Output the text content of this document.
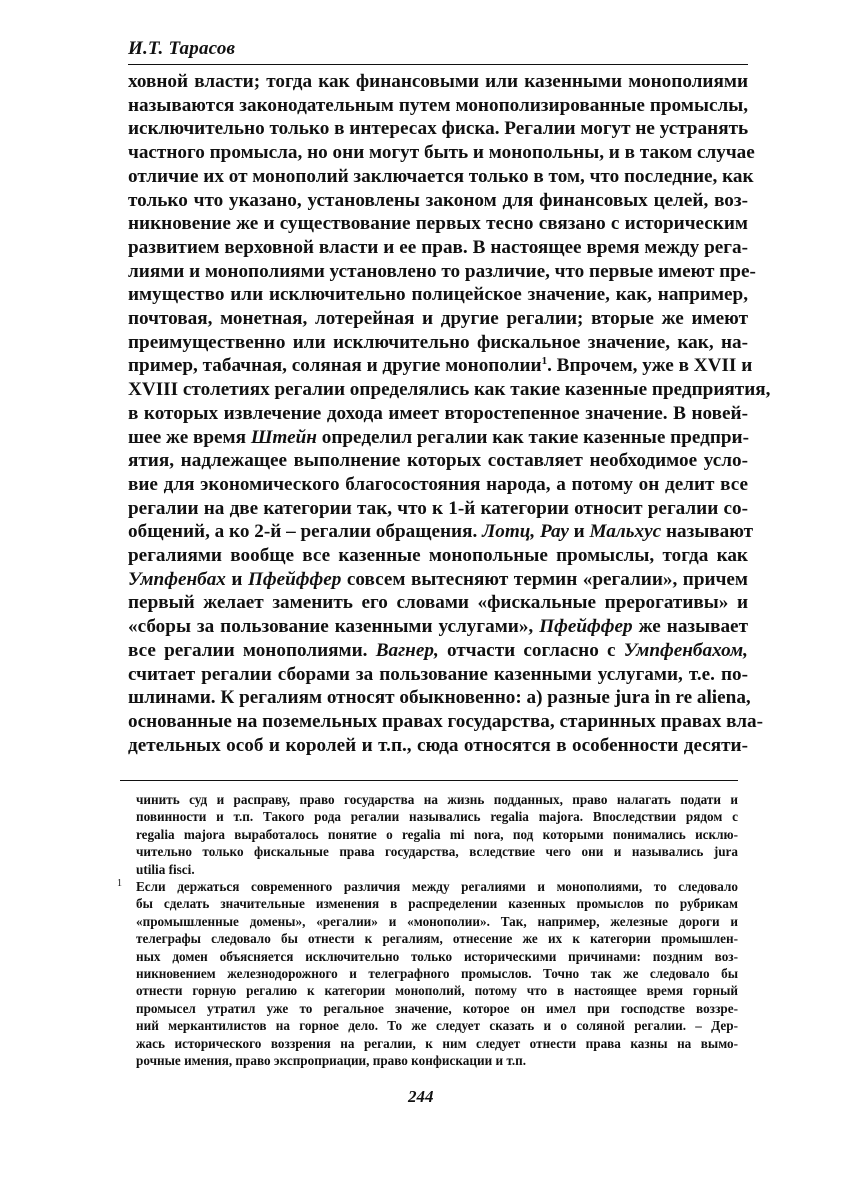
И.Т. Тарасов
ховной власти; тогда как финансовыми или казенными монополиями
называются законодательным путем монополизированные промыслы,
исключительно только в интересах фиска. Регалии могут не устранять
частного промысла, но они могут быть и монопольны, и в таком случае
отличие их от монополий заключается только в том, что последние, как
только что указано, установлены законом для финансовых целей, воз-
никновение же и существование первых тесно связано с историческим
развитием верховной власти и ее прав. В настоящее время между рега-
лиями и монополиями установлено то различие, что первые имеют пре-
имущество или исключительно полицейское значение, как, например,
почтовая, монетная, лотерейная и другие регалии; вторые же имеют
преимущественно или исключительно фискальное значение, как, на-
пример, табачная, соляная и другие монополии$^1$. Впрочем, уже в XVII и
XVIII столетиях регалии определялись как такие казенные предприятия,
в которых извлечение дохода имеет второстепенное значение. В новей-
шее же время Штейн определил регалии как такие казенные предпри-
ятия, надлежащее выполнение которых составляет необходимое усло-
вие для экономического благосостояния народа, а потому он делит все
регалии на две категории так, что к 1-й категории относит регалии со-
общений, а ко 2-й – регалии обращения. Лотц, Рау и Мальхус называют
регалиями вообще все казенные монопольные промыслы, тогда как
Умпфенбах и Пфейффер совсем вытесняют термин «регалии», причем
первый желает заменить его словами «фискальные прерогативы» и
«сборы за пользование казенными услугами», Пфейффер же называет
все регалии монополиями. Вагнер, отчасти согласно с Умпфенбахом,
считает регалии сборами за пользование казенными услугами, т.е. по-
шлинами. К регалиям относят обыкновенно: а) разные jura in re aliena,
основанные на поземельных правах государства, старинных правах вла-
детельных особ и королей и т.п., сюда относятся в особенности десяти-
чинить суд и расправу, право государства на жизнь подданных, право налагать подати и
повинности и т.п. Такого рода регалии назывались regalia majora. Впоследствии рядом с
regalia majora выработалось понятие о regalia mi nora, под которыми понимались исклю-
чительно только фискальные права государства, вследствие чего они и назывались jura
utilia fisci.
1 Если держаться современного различия между регалиями и монополиями, то следовало
бы сделать значительные изменения в распределении казенных промыслов по рубрикам
«промышленные домены», «регалии» и «монополии». Так, например, железные дороги и
телеграфы следовало бы отнести к регалиям, отнесение же их к категории промышлен-
ных домен объясняется исключительно только историческими причинами: поздним воз-
никновением железнодорожного и телеграфного промыслов. Точно так же следовало бы
отнести горную регалию к категории монополий, потому что в настоящее время горный
промысел утратил уже то регальное значение, которое он имел при господстве воззре-
ний меркантилистов на горное дело. То же следует сказать и о соляной регалии. – Дер-
жась исторического воззрения на регалии, к ним следует отнести права казны на вымо-
рочные имения, право экспроприации, право конфискации и т.п.
244
